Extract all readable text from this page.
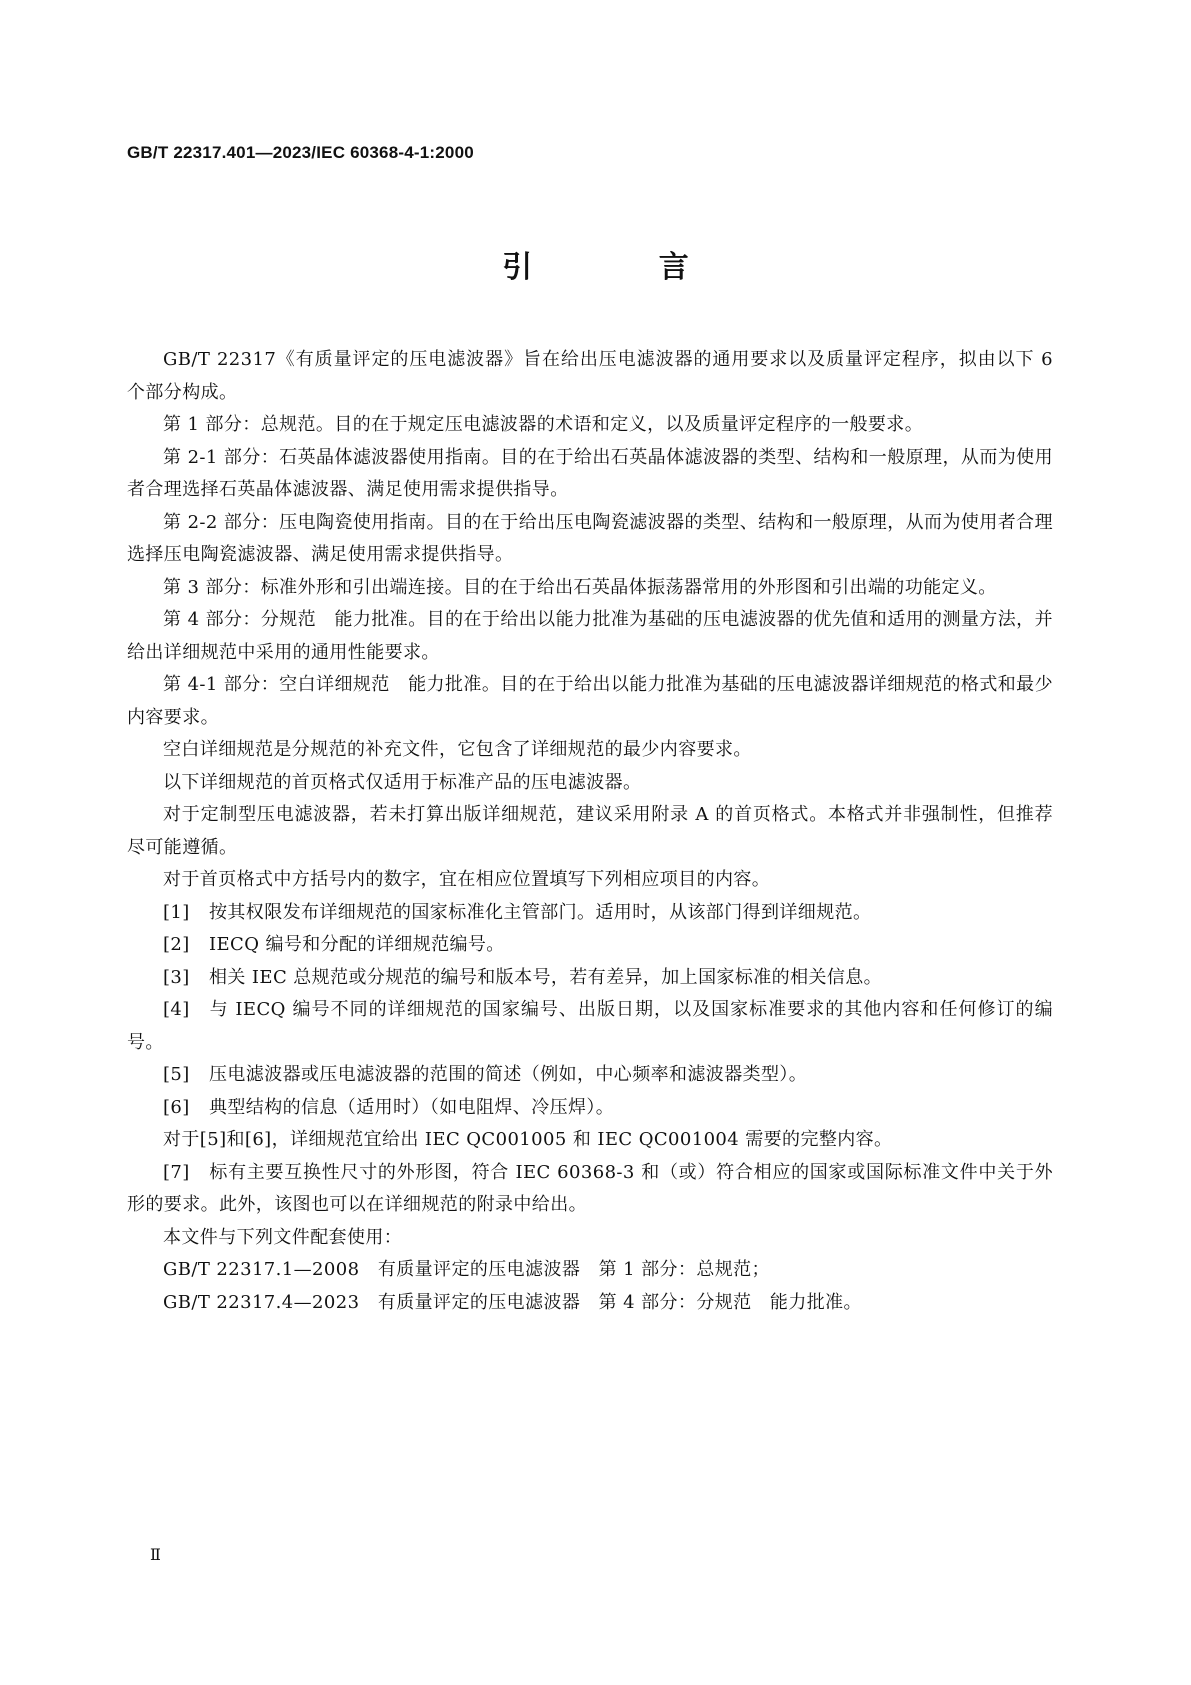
GB/T 22317.401—2023/IEC 60368-4-1:2000
引 言

GB/T 22317《有质量评定的压电滤波器》旨在给出压电滤波器的通用要求以及质量评定程序，拟由以下 6 个部分构成。

第 1 部分：总规范。目的在于规定压电滤波器的术语和定义，以及质量评定程序的一般要求。

第 2-1 部分：石英晶体滤波器使用指南。目的在于给出石英晶体滤波器的类型、结构和一般原理，从而为使用者合理选择石英晶体滤波器、满足使用需求提供指导。

第 2-2 部分：压电陶瓷使用指南。目的在于给出压电陶瓷滤波器的类型、结构和一般原理，从而为使用者合理选择压电陶瓷滤波器、满足使用需求提供指导。

第 3 部分：标准外形和引出端连接。目的在于给出石英晶体振荡器常用的外形图和引出端的功能定义。

第 4 部分：分规范　能力批准。目的在于给出以能力批准为基础的压电滤波器的优先值和适用的测量方法，并给出详细规范中采用的通用性能要求。

第 4-1 部分：空白详细规范　能力批准。目的在于给出以能力批准为基础的压电滤波器详细规范的格式和最少内容要求。

空白详细规范是分规范的补充文件，它包含了详细规范的最少内容要求。

以下详细规范的首页格式仅适用于标准产品的压电滤波器。

对于定制型压电滤波器，若未打算出版详细规范，建议采用附录 A 的首页格式。本格式并非强制性，但推荐尽可能遵循。

对于首页格式中方括号内的数字，宜在相应位置填写下列相应项目的内容。

[1] 按其权限发布详细规范的国家标准化主管部门。适用时，从该部门得到详细规范。
[2] IECQ 编号和分配的详细规范编号。
[3] 相关 IEC 总规范或分规范的编号和版本号，若有差异，加上国家标准的相关信息。
[4] 与 IECQ 编号不同的详细规范的国家编号、出版日期，以及国家标准要求的其他内容和任何修订的编号。
[5] 压电滤波器或压电滤波器的范围的简述（例如，中心频率和滤波器类型）。
[6] 典型结构的信息（适用时）（如电阻焊、冷压焊）。

对于[5]和[6]，详细规范宜给出 IEC QC001005 和 IEC QC001004 需要的完整内容。

[7] 标有主要互换性尺寸的外形图，符合 IEC 60368-3 和（或）符合相应的国家或国际标准文件中关于外形的要求。此外，该图也可以在详细规范的附录中给出。

本文件与下列文件配套使用：

GB/T 22317.1—2008　有质量评定的压电滤波器　第 1 部分：总规范；

GB/T 22317.4—2023　有质量评定的压电滤波器　第 4 部分：分规范　能力批准。

Ⅱ
